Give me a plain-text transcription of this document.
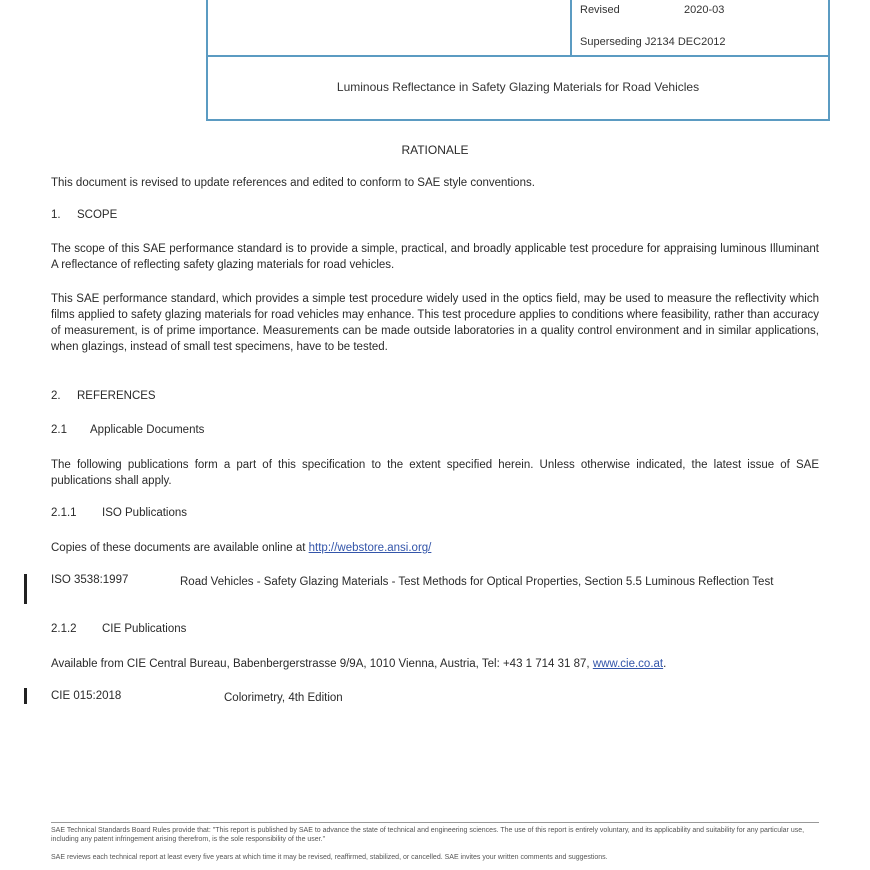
Revised	2020-03
Superseding J2134 DEC2012
Luminous Reflectance in Safety Glazing Materials for Road Vehicles
RATIONALE

This document is revised to update references and edited to conform to SAE style conventions.

1. SCOPE

The scope of this SAE performance standard is to provide a simple, practical, and broadly applicable test procedure for appraising luminous Illuminant A reflectance of reflecting safety glazing materials for road vehicles.

This SAE performance standard, which provides a simple test procedure widely used in the optics field, may be used to measure the reflectivity which films applied to safety glazing materials for road vehicles may enhance. This test procedure applies to conditions where feasibility, rather than accuracy of measurement, is of prime importance. Measurements can be made outside laboratories in a quality control environment and in similar applications, when glazings, instead of small test specimens, have to be tested.

2. REFERENCES
2.1 Applicable Documents

The following publications form a part of this specification to the extent specified herein. Unless otherwise indicated, the latest issue of SAE publications shall apply.

2.1.1 ISO Publications

Copies of these documents are available online at http://webstore.ansi.org/

ISO 3538:1997	Road Vehicles - Safety Glazing Materials - Test Methods for Optical Properties, Section 5.5 Luminous Reflection Test
2.1.2 CIE Publications

Available from CIE Central Bureau, Babenbergerstrasse 9/9A, 1010 Vienna, Austria, Tel: +43 1 714 31 87, www.cie.co.at.

CIE 015:2018	Colorimetry, 4th Edition
SAE Technical Standards Board Rules provide that: "This report is published by SAE to advance the state of technical and engineering sciences. The use of this report is entirely voluntary, and its applicability and suitability for any particular use, including any patent infringement arising therefrom, is the sole responsibility of the user."
SAE reviews each technical report at least every five years at which time it may be revised, reaffirmed, stabilized, or cancelled. SAE invites your written comments and suggestions.
